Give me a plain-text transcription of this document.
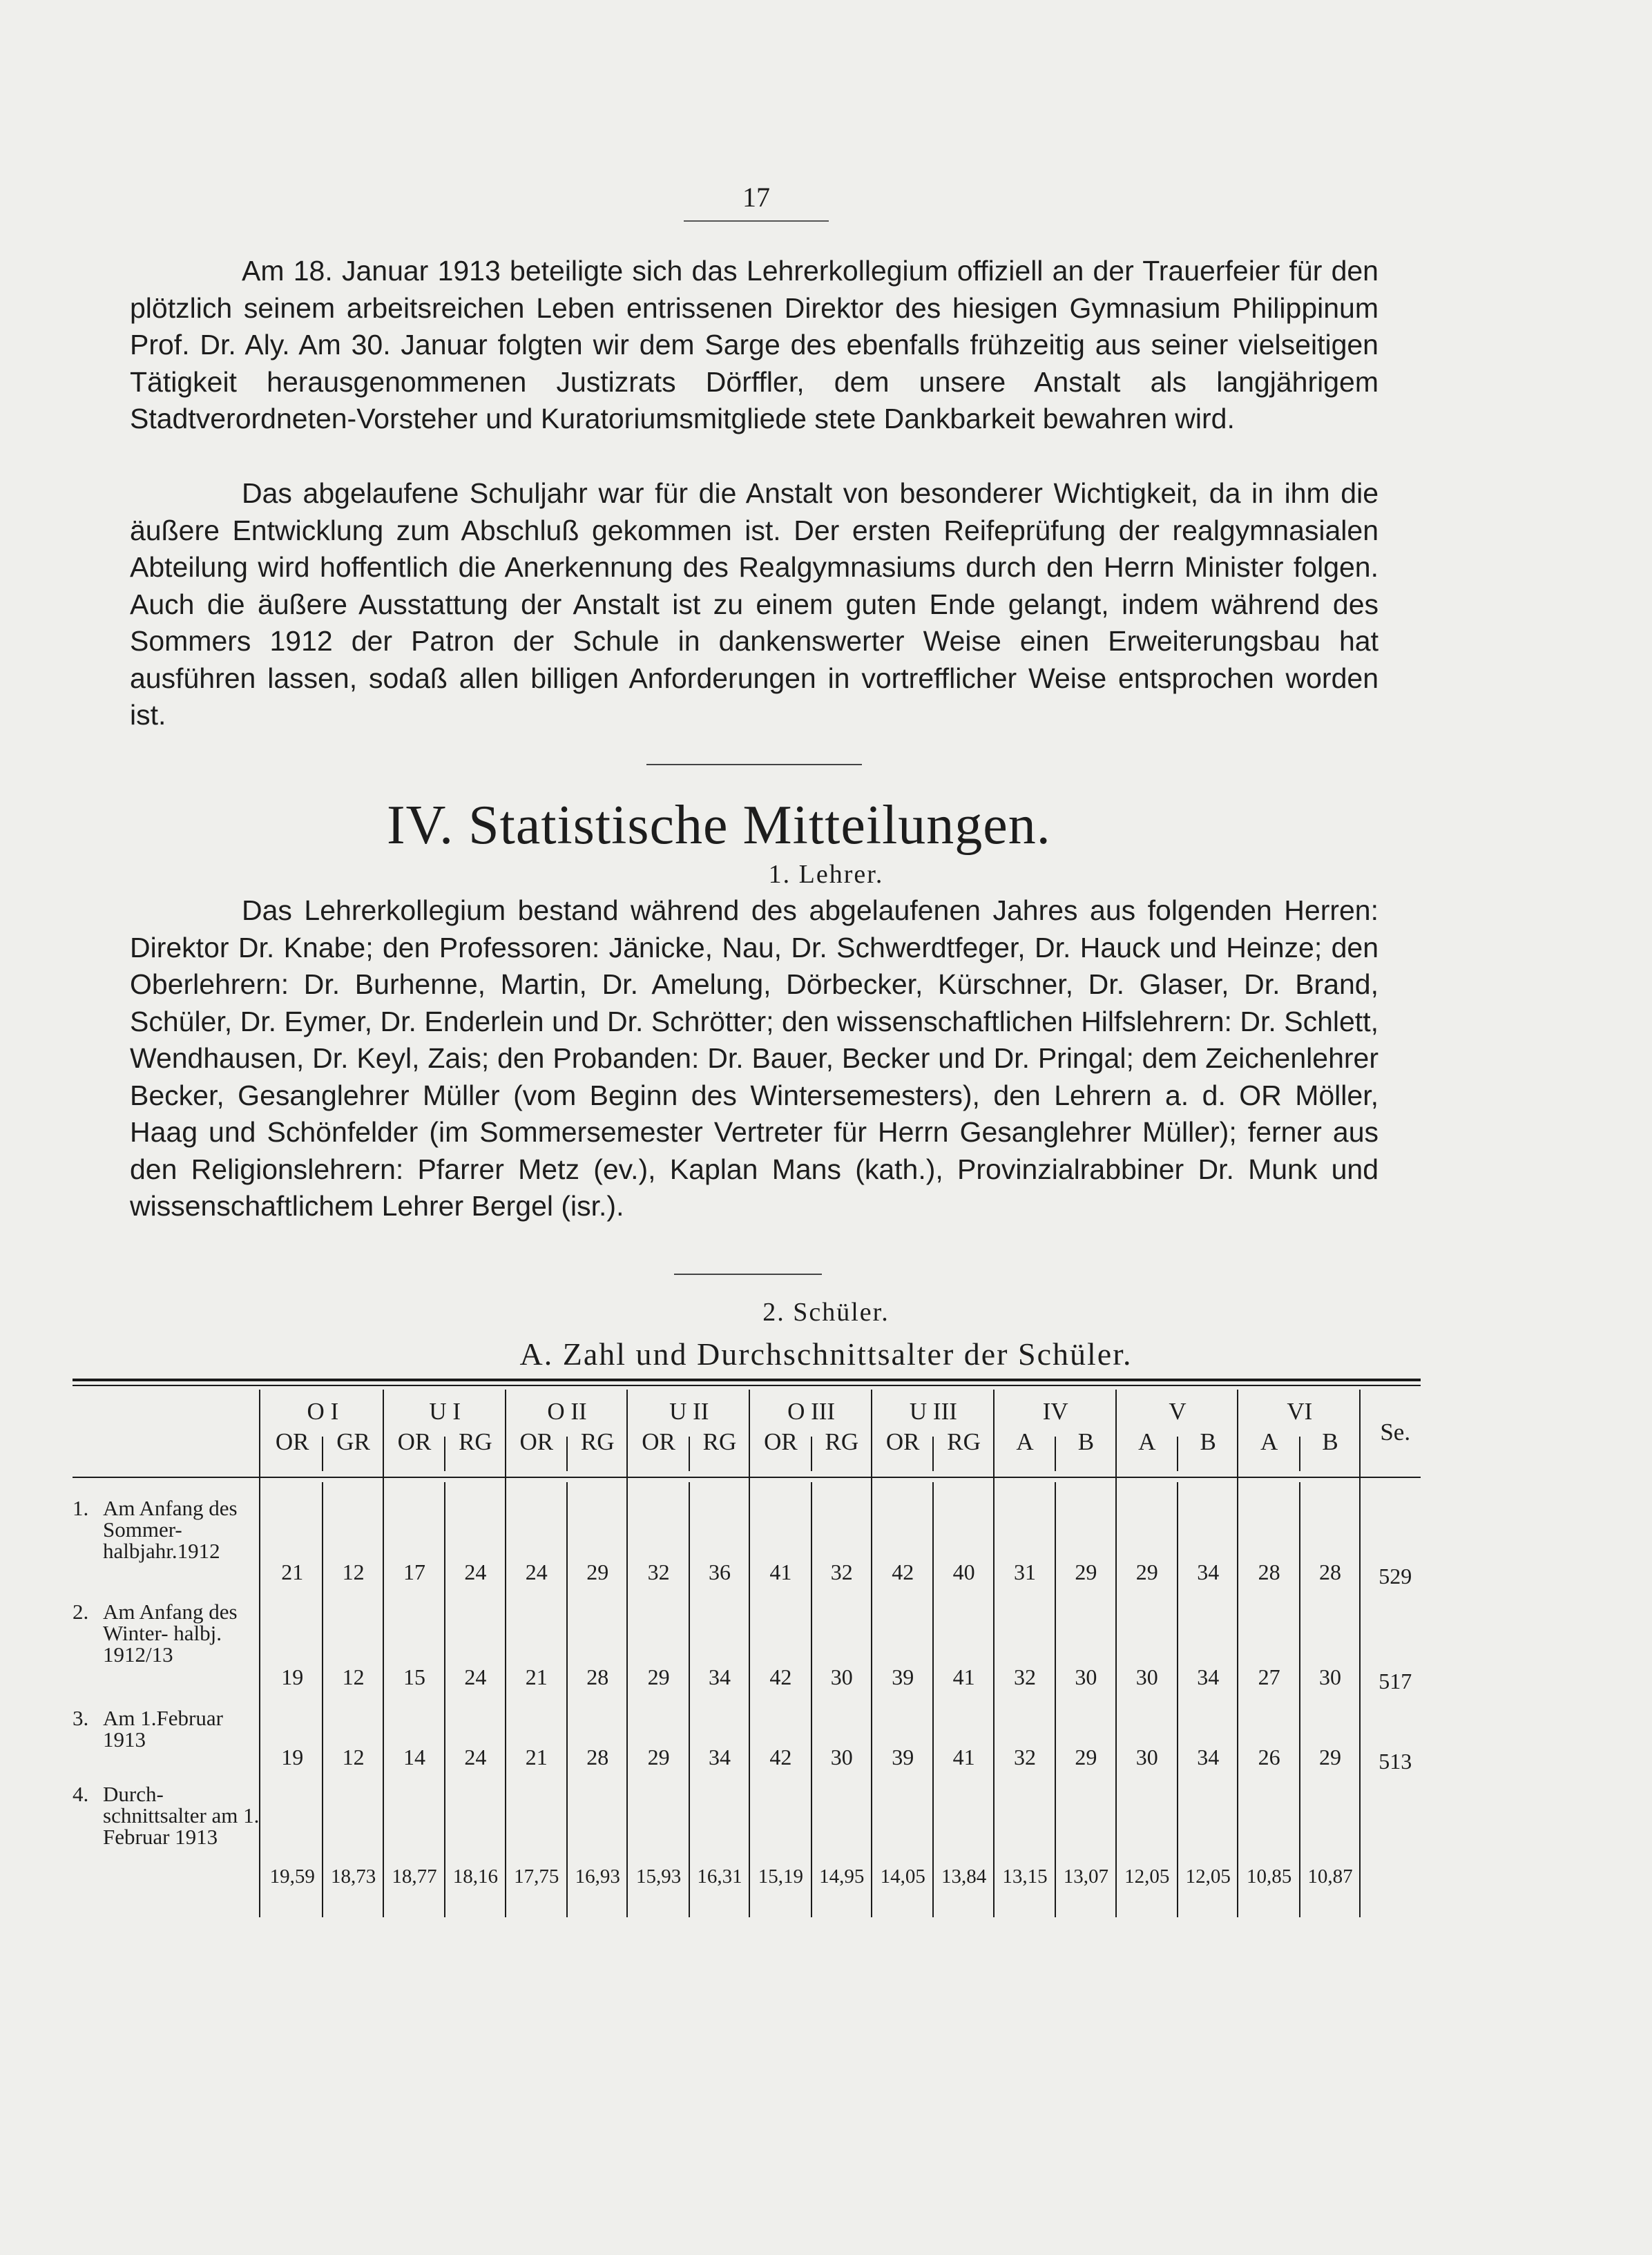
17

Am 18. Januar 1913 beteiligte sich das Lehrerkollegium offiziell an der Trauerfeier für den plötzlich seinem arbeitsreichen Leben entrissenen Direktor des hiesigen Gymnasium Philippinum Prof. Dr. Aly. Am 30. Januar folgten wir dem Sarge des ebenfalls frühzeitig aus seiner vielseitigen Tätigkeit herausgenommenen Justizrats Dörffler, dem unsere Anstalt als langjährigem Stadtverordneten-Vorsteher und Kuratoriumsmitgliede stete Dankbarkeit bewahren wird.

Das abgelaufene Schuljahr war für die Anstalt von besonderer Wichtigkeit, da in ihm die äußere Entwicklung zum Abschluß gekommen ist. Der ersten Reifeprüfung der realgymnasialen Abteilung wird hoffentlich die Anerkennung des Realgymnasiums durch den Herrn Minister folgen. Auch die äußere Ausstattung der Anstalt ist zu einem guten Ende gelangt, indem während des Sommers 1912 der Patron der Schule in dankenswerter Weise einen Erweiterungsbau hat ausführen lassen, sodaß allen billigen Anforderungen in vortrefflicher Weise entsprochen worden ist.

IV. Statistische Mitteilungen.
1. Lehrer.

Das Lehrerkollegium bestand während des abgelaufenen Jahres aus folgenden Herren: Direktor Dr. Knabe; den Professoren: Jänicke, Nau, Dr. Schwerdtfeger, Dr. Hauck und Heinze; den Oberlehrern: Dr. Burhenne, Martin, Dr. Amelung, Dörbecker, Kürschner, Dr. Glaser, Dr. Brand, Schüler, Dr. Eymer, Dr. Enderlein und Dr. Schrötter; den wissenschaftlichen Hilfslehrern: Dr. Schlett, Wendhausen, Dr. Keyl, Zais; den Probanden: Dr. Bauer, Becker und Dr. Pringal; dem Zeichenlehrer Becker, Gesanglehrer Müller (vom Beginn des Wintersemesters), den Lehrern a. d. OR Möller, Haag und Schönfelder (im Sommersemester Vertreter für Herrn Gesanglehrer Müller); ferner aus den Religionslehrern: Pfarrer Metz (ev.), Kaplan Mans (kath.), Provinzialrabbiner Dr. Munk und wissenschaftlichem Lehrer Bergel (isr.).

2. Schüler.
A. Zahl und Durchschnittsalter der Schüler.
O I	U I	O II	U II	O III	U III	IV	V	VI
OR	GR	OR	RG	OR	RG	OR	RG	OR	RG	OR	RG	A	B	A	B	A	B	Se.
1. Am Anfang des Sommer- halbjahr.1912
21	12	17	24	24	29	32	36	41	32	42	40	31	29	29	34	28	28	529
2. Am Anfang des Winter- halbj. 1912/13
19	12	15	24	21	28	29	34	42	30	39	41	32	30	30	34	27	30	517
3. Am 1.Februar 1913
19	12	14	24	21	28	29	34	42	30	39	41	32	29	30	34	26	29	513
4. Durch- schnittsalter am 1. Februar 1913
19,59 18,73 18,77 18,16 17,75 16,93 15,93 16,31 15,19 14,95 14,05 13,84 13,15 13,07 12,05 12,05 10,85 10,87
